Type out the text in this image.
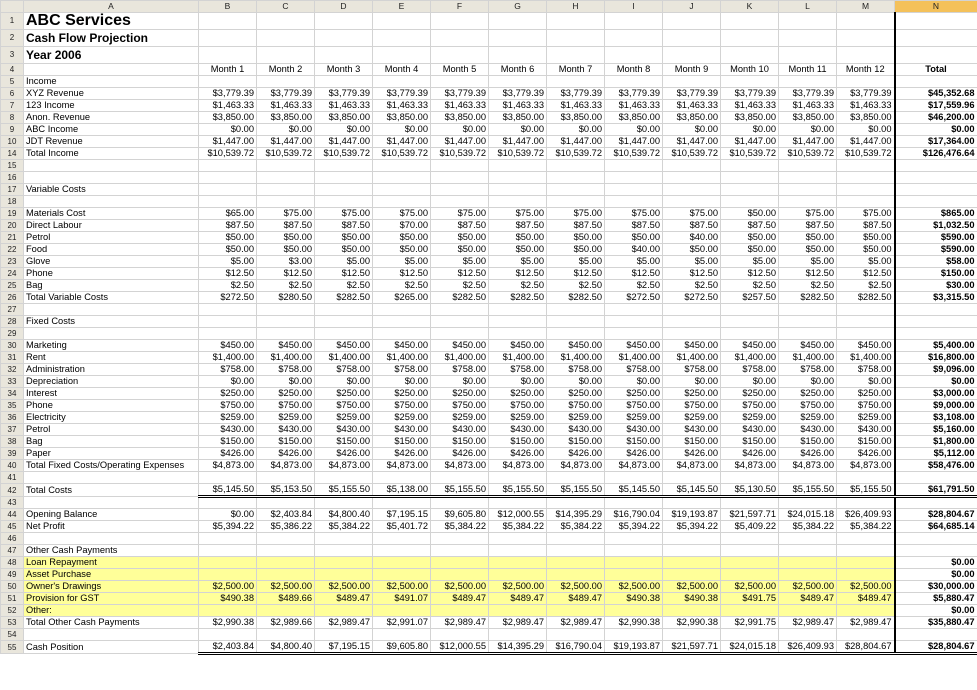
	A	B	C	D	E	F	G	H	I	J	K	L	M	N
1	ABC Services													
2	Cash Flow Projection													
3	Year 2006													
4		Month 1	Month 2	Month 3	Month 4	Month 5	Month 6	Month 7	Month 8	Month 9	Month 10	Month 11	Month 12	Total
5	Income													
6	XYZ Revenue	$3,779.39	$3,779.39	$3,779.39	$3,779.39	$3,779.39	$3,779.39	$3,779.39	$3,779.39	$3,779.39	$3,779.39	$3,779.39	$3,779.39	$45,352.68
7	123 Income	$1,463.33	$1,463.33	$1,463.33	$1,463.33	$1,463.33	$1,463.33	$1,463.33	$1,463.33	$1,463.33	$1,463.33	$1,463.33	$1,463.33	$17,559.96
8	Anon. Revenue	$3,850.00	$3,850.00	$3,850.00	$3,850.00	$3,850.00	$3,850.00	$3,850.00	$3,850.00	$3,850.00	$3,850.00	$3,850.00	$3,850.00	$46,200.00
9	ABC Income	$0.00	$0.00	$0.00	$0.00	$0.00	$0.00	$0.00	$0.00	$0.00	$0.00	$0.00	$0.00	$0.00
10	JDT Revenue	$1,447.00	$1,447.00	$1,447.00	$1,447.00	$1,447.00	$1,447.00	$1,447.00	$1,447.00	$1,447.00	$1,447.00	$1,447.00	$1,447.00	$17,364.00
14	Total Income	$10,539.72	$10,539.72	$10,539.72	$10,539.72	$10,539.72	$10,539.72	$10,539.72	$10,539.72	$10,539.72	$10,539.72	$10,539.72	$10,539.72	$126,476.64
15														
16														
17	Variable Costs													
18														
19	Materials Cost	$65.00	$75.00	$75.00	$75.00	$75.00	$75.00	$75.00	$75.00	$75.00	$50.00	$75.00	$75.00	$865.00
20	Direct Labour	$87.50	$87.50	$87.50	$70.00	$87.50	$87.50	$87.50	$87.50	$87.50	$87.50	$87.50	$87.50	$1,032.50
21	Petrol	$50.00	$50.00	$50.00	$50.00	$50.00	$50.00	$50.00	$50.00	$40.00	$50.00	$50.00	$50.00	$590.00
22	Food	$50.00	$50.00	$50.00	$50.00	$50.00	$50.00	$50.00	$40.00	$50.00	$50.00	$50.00	$50.00	$590.00
23	Glove	$5.00	$3.00	$5.00	$5.00	$5.00	$5.00	$5.00	$5.00	$5.00	$5.00	$5.00	$5.00	$58.00
24	Phone	$12.50	$12.50	$12.50	$12.50	$12.50	$12.50	$12.50	$12.50	$12.50	$12.50	$12.50	$12.50	$150.00
25	Bag	$2.50	$2.50	$2.50	$2.50	$2.50	$2.50	$2.50	$2.50	$2.50	$2.50	$2.50	$2.50	$30.00
26	Total Variable Costs	$272.50	$280.50	$282.50	$265.00	$282.50	$282.50	$282.50	$272.50	$272.50	$257.50	$282.50	$282.50	$3,315.50
27														
28	Fixed Costs													
29														
30	Marketing	$450.00	$450.00	$450.00	$450.00	$450.00	$450.00	$450.00	$450.00	$450.00	$450.00	$450.00	$450.00	$5,400.00
31	Rent	$1,400.00	$1,400.00	$1,400.00	$1,400.00	$1,400.00	$1,400.00	$1,400.00	$1,400.00	$1,400.00	$1,400.00	$1,400.00	$1,400.00	$16,800.00
32	Administration	$758.00	$758.00	$758.00	$758.00	$758.00	$758.00	$758.00	$758.00	$758.00	$758.00	$758.00	$758.00	$9,096.00
33	Depreciation	$0.00	$0.00	$0.00	$0.00	$0.00	$0.00	$0.00	$0.00	$0.00	$0.00	$0.00	$0.00	$0.00
34	Interest	$250.00	$250.00	$250.00	$250.00	$250.00	$250.00	$250.00	$250.00	$250.00	$250.00	$250.00	$250.00	$3,000.00
35	Phone	$750.00	$750.00	$750.00	$750.00	$750.00	$750.00	$750.00	$750.00	$750.00	$750.00	$750.00	$750.00	$9,000.00
36	Electricity	$259.00	$259.00	$259.00	$259.00	$259.00	$259.00	$259.00	$259.00	$259.00	$259.00	$259.00	$259.00	$3,108.00
37	Petrol	$430.00	$430.00	$430.00	$430.00	$430.00	$430.00	$430.00	$430.00	$430.00	$430.00	$430.00	$430.00	$5,160.00
38	Bag	$150.00	$150.00	$150.00	$150.00	$150.00	$150.00	$150.00	$150.00	$150.00	$150.00	$150.00	$150.00	$1,800.00
39	Paper	$426.00	$426.00	$426.00	$426.00	$426.00	$426.00	$426.00	$426.00	$426.00	$426.00	$426.00	$426.00	$5,112.00
40	Total Fixed Costs/Operating Expenses	$4,873.00	$4,873.00	$4,873.00	$4,873.00	$4,873.00	$4,873.00	$4,873.00	$4,873.00	$4,873.00	$4,873.00	$4,873.00	$4,873.00	$58,476.00
41														
42	Total Costs	$5,145.50	$5,153.50	$5,155.50	$5,138.00	$5,155.50	$5,155.50	$5,155.50	$5,145.50	$5,145.50	$5,130.50	$5,155.50	$5,155.50	$61,791.50
43														
44	Opening Balance	$0.00	$2,403.84	$4,800.40	$7,195.15	$9,605.80	$12,000.55	$14,395.29	$16,790.04	$19,193.87	$21,597.71	$24,015.18	$26,409.93	$28,804.67
45	Net Profit	$5,394.22	$5,386.22	$5,384.22	$5,401.72	$5,384.22	$5,384.22	$5,384.22	$5,394.22	$5,394.22	$5,409.22	$5,384.22	$5,384.22	$64,685.14
46														
47	Other Cash Payments													
48	Loan Repayment													$0.00
49	Asset Purchase													$0.00
50	Owner's Drawings	$2,500.00	$2,500.00	$2,500.00	$2,500.00	$2,500.00	$2,500.00	$2,500.00	$2,500.00	$2,500.00	$2,500.00	$2,500.00	$2,500.00	$30,000.00
51	Provision for GST	$490.38	$489.66	$489.47	$491.07	$489.47	$489.47	$489.47	$490.38	$490.38	$491.75	$489.47	$489.47	$5,880.47
52	Other:													$0.00
53	Total Other Cash Payments	$2,990.38	$2,989.66	$2,989.47	$2,991.07	$2,989.47	$2,989.47	$2,989.47	$2,990.38	$2,990.38	$2,991.75	$2,989.47	$2,989.47	$35,880.47
54														
55	Cash Position	$2,403.84	$4,800.40	$7,195.15	$9,605.80	$12,000.55	$14,395.29	$16,790.04	$19,193.87	$21,597.71	$24,015.18	$26,409.93	$28,804.67	$28,804.67
